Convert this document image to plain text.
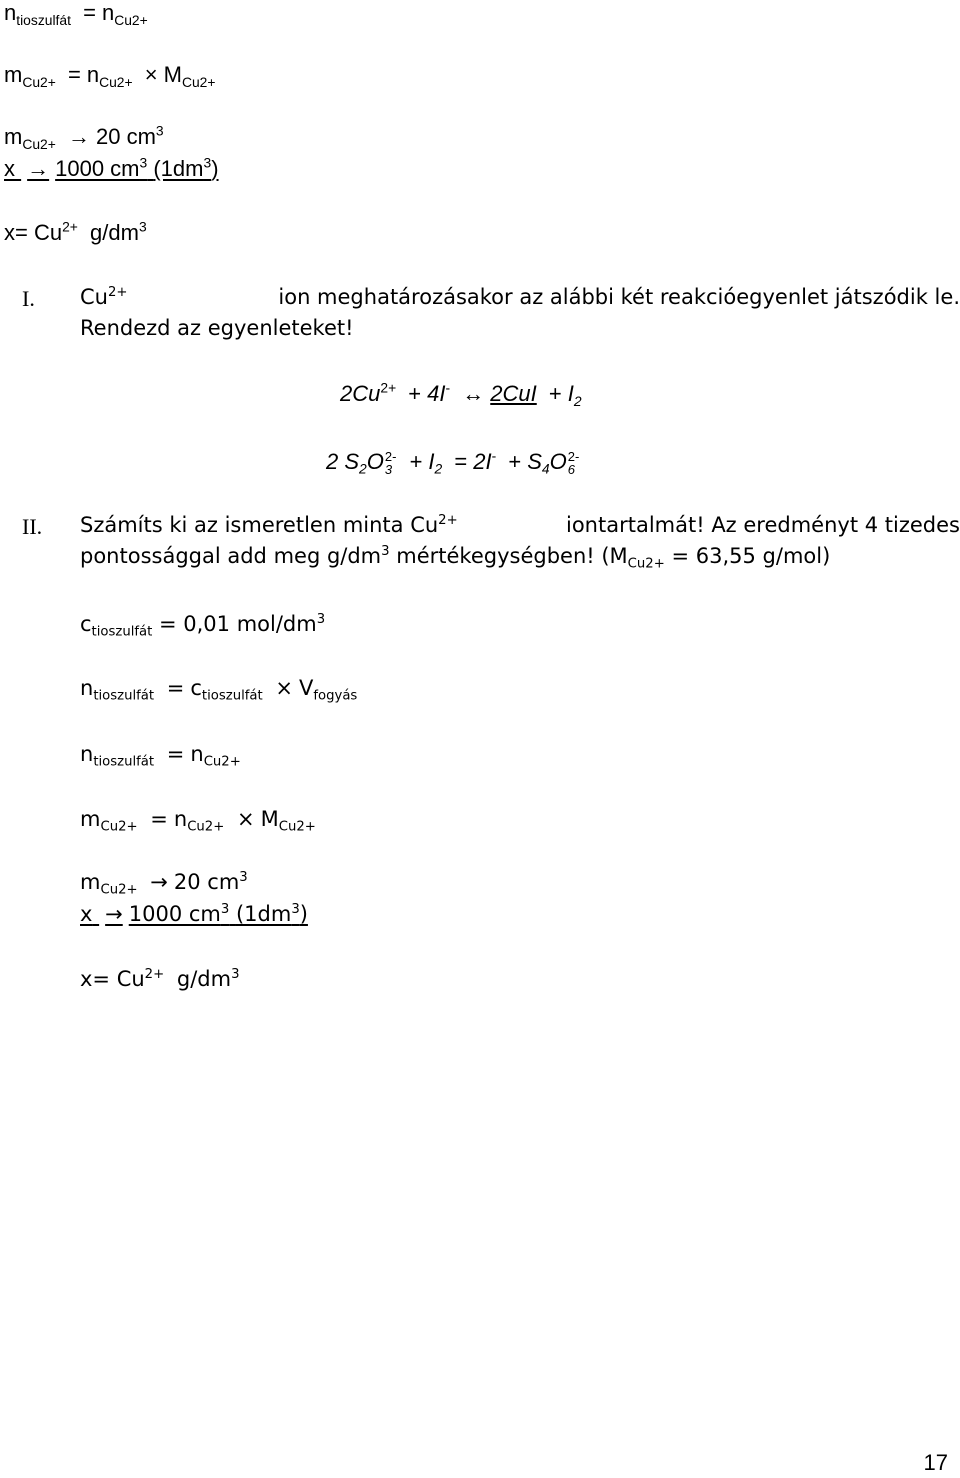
$n_{tioszulfát} = n_{Cu2+}$
$m_{Cu2+} = n_{Cu2+} \times M_{Cu2+}$
$m_{Cu2+} \to 20$ $cm^3$
x → 1000 $cm^3$ $(1dm^3)$
$x= Cu^{2+}$ $g/dm^3$
I. $Cu^{2+}$	ion meghatározásakor az alábbi két reakcióegyenlet játszódik le.
Rendezd az egyenleteket!
$2Cu^{2+} + 4I^-$ ↔ $2CuI + I_2$
2 $S_2O$ 2-
$3 + I_2 = 2I^- + S_4O$ 2-
6
II. Számíts ki az ismeretlen minta $Cu^{2+}$	iontartalmát! Az eredményt 4 tizedes
pontossággal add meg $g/dm^3$ mértékegységben! ($M_{Cu2+} = 63,55$ g/mol)
$c_{tioszulfát} = 0,01$ mol/$dm^3$
$n_{tioszulfát} = c_{tioszulfát} \times V_{fogyás}$
$n_{tioszulfát} = n_{Cu2+}$
$m_{Cu2+} = n_{Cu2+} \times M_{Cu2+}$
$m_{Cu2+} \to 20$ $cm^3$
x → 1000 $cm^3$ $(1dm^3)$
$x= Cu^{2+}$ $g/dm^3$
17
